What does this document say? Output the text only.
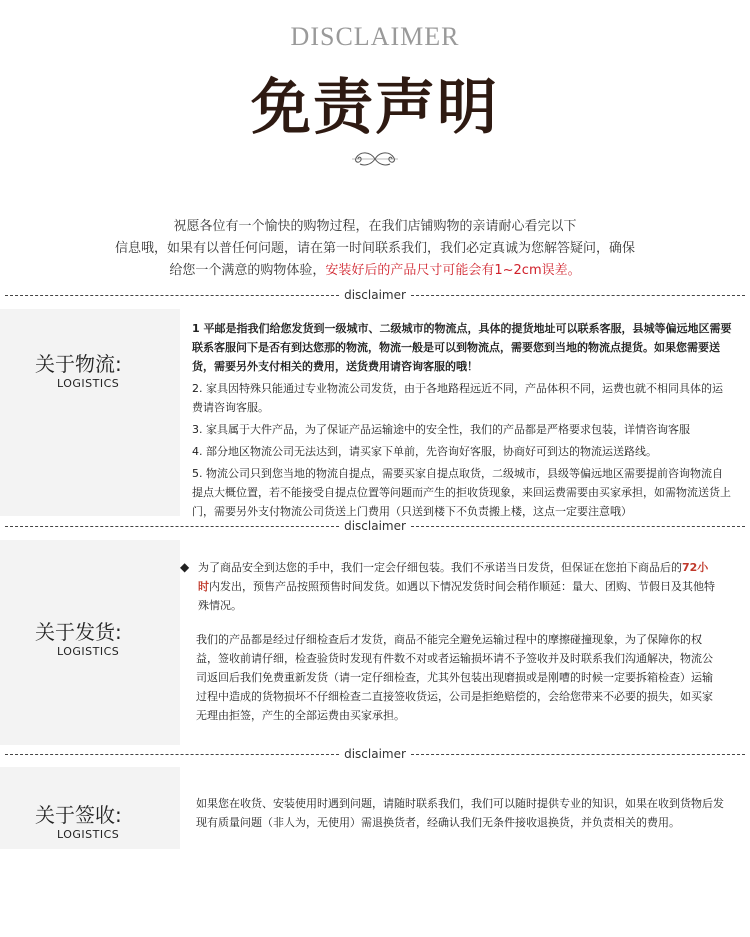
DISCLAIMER
免责声明
祝愿各位有一个愉快的购物过程，在我们店铺购物的亲请耐心看完以下
信息哦，如果有以普任何问题，请在第一时间联系我们，我们必定真诚为您解答疑问，确保
给您一个满意的购物体验，安装好后的产品尺寸可能会有1~2cm误差。
disclaimer
关于物流:
LOGISTICS

1 平邮是指我们给您发货到一级城市、二级城市的物流点，具体的提货地址可以联系客服，县城等偏远地区需要联系客服问下是否有到达您那的物流，物流一般是可以到物流点，需要您到当地的物流点提货。如果您需要送货，需要另外支付相关的费用，送货费用请咨询客服的哦！

2. 家具因特殊只能通过专业物流公司发货，由于各地路程远近不同，产品体积不同，运费也就不相同具体的运费请咨询客服。

3. 家具属于大件产品，为了保证产品运输途中的安全性，我们的产品都是严格要求包装，详情咨询客服

4. 部分地区物流公司无法达到，请买家下单前，先咨询好客服，协商好可到达的物流运送路线。

5. 物流公司只到您当地的物流自提点，需要买家自提点取货，二级城市，县级等偏远地区需要提前咨询物流自提点大概位置，若不能接受自提点位置等问题而产生的拒收货现象，来回运费需要由买家承担，如需物流送货上门，需要另外支付物流公司货送上门费用（只送到楼下不负责搬上楼，这点一定要注意哦）

disclaimer
关于发货:
LOGISTICS
◆ 为了商品安全到达您的手中，我们一定会仔细包装。我们不承诺当日发货，但保证在您拍下商品后的72小时内发出，预售产品按照预售时间发货。如遇以下情况发货时间会稍作顺延：量大、团购、节假日及其他特殊情况。

我们的产品都是经过仔细检查后才发货，商品不能完全避免运输过程中的摩擦碰撞现象，为了保障你的权益，签收前请仔细，检查验货时发现有件数不对或者运输损坏请不予签收并及时联系我们沟通解决，物流公司返回后我们免费重新发货（请一定仔细检查，尤其外包装出现磨损或是刚嘈的时候一定要拆箱检查）运输过程中造成的货物损坏不仔细检查二直接签收货运，公司是拒绝赔偿的，会给您带来不必要的损失，如买家无理由拒签，产生的全部运费由买家承担。

disclaimer
关于签收:
LOGISTICS

如果您在收货、安装使用时遇到问题，请随时联系我们，我们可以随时提供专业的知识，如果在收到货物后发现有质量问题（非人为，无使用）需退换货者，经确认我们无条件接收退换货，并负责相关的费用。
